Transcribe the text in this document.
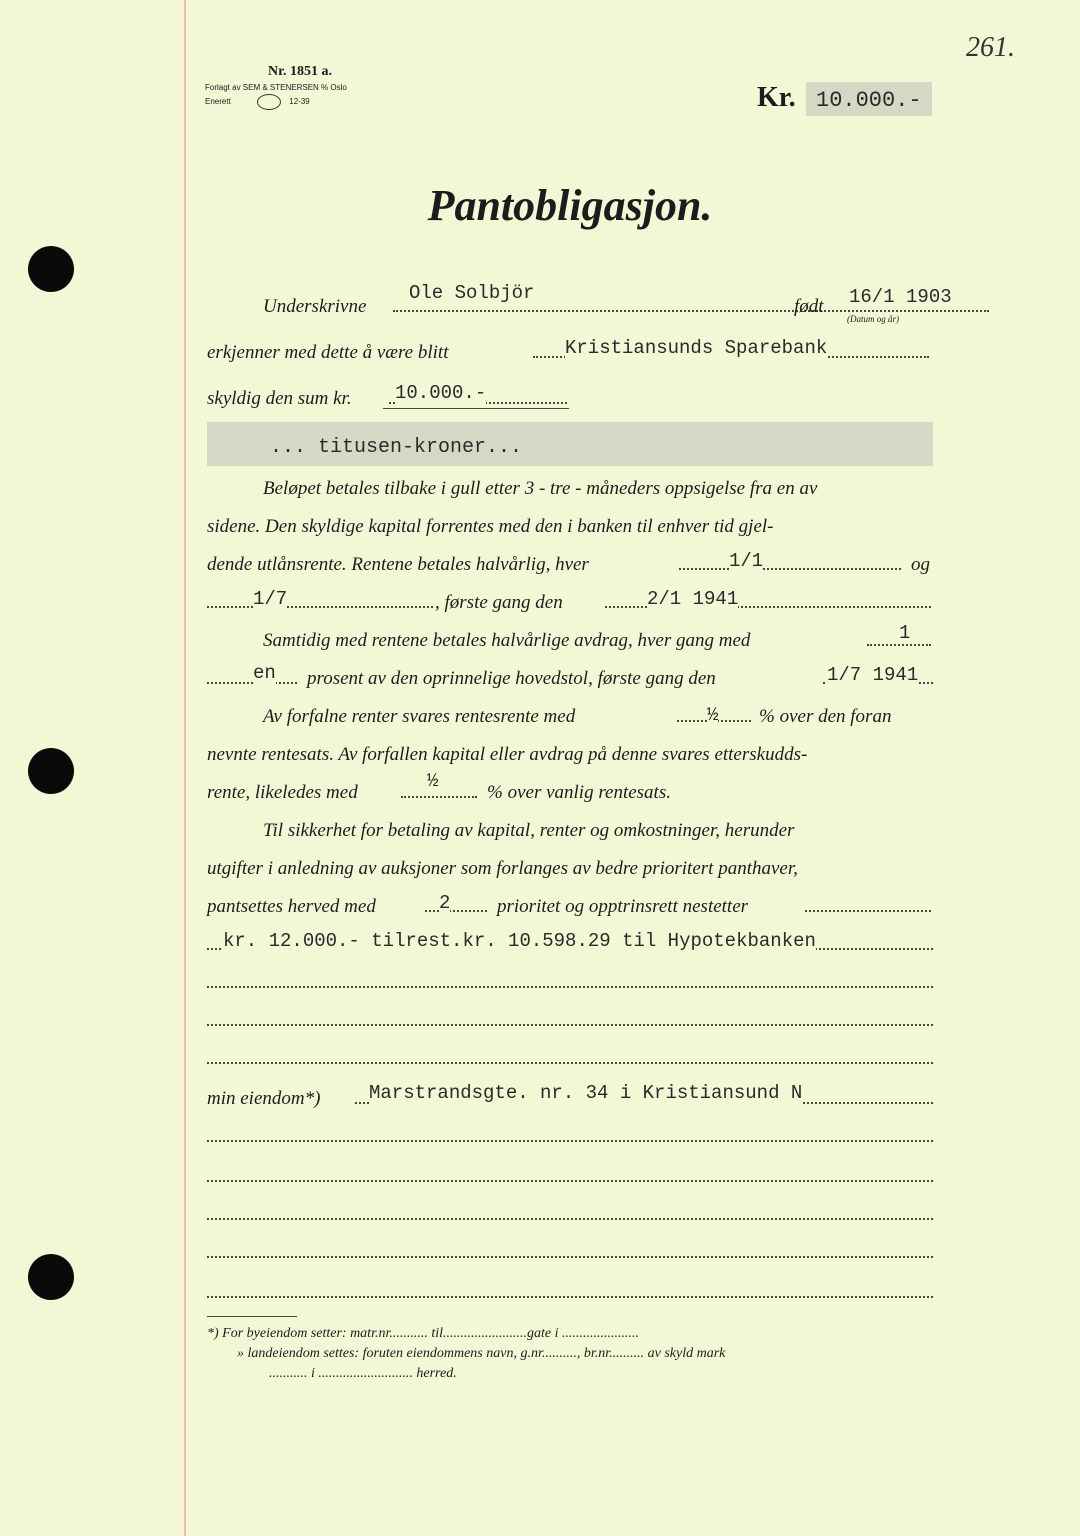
261.
Nr. 1851 a.
Forlagt av SEM & STENERSEN % Oslo
Enerett	12-39	Kr. 10.000.-
Pantobligasjon.
Underskrivne
Ole Solbjör
født 16/1 1903
(Datum og år)
erkjenner med dette å være blitt	Kristiansunds Sparebank
skyldig den sum kr. 10.000.-
... titusen-kroner...
Beløpet betales tilbake i gull etter 3 - tre - måneders oppsigelse fra en av
sidene. Den skyldige kapital forrentes med den i banken til enhver tid gjel-
dende utlånsrente. Rentene betales halvårlig, hver	1/1	og
1/7	, første gang den	2/1 1941
Samtidig med rentene betales halvårlige avdrag, hver gang med	1
en prosent av den oprinnelige hovedstol, første gang den	1/7 1941
Av forfalne renter svares rentesrente med	½ % over den foran
nevnte rentesats. Av forfallen kapital eller avdrag på denne svares etterskudds-
rente, likeledes med
½
% over vanlig rentesats.
Til sikkerhet for betaling av kapital, renter og omkostninger, herunder
utgifter i anledning av auksjoner som forlanges av bedre prioritert panthaver,
pantsettes herved med	2 prioritet og opptrinsrett nestetter
kr. 12.000.- tilrest.kr. 10.598.29 til Hypotekbanken
min eiendom*)	Marstrandsgte. nr. 34 i Kristiansund N
*) For byeiendom setter: matr.nr........... til........................gate i ......................
» landeiendom settes: foruten eiendommens navn, g.nr.........., br.nr.......... av skyld mark
........... i ........................... herred.
